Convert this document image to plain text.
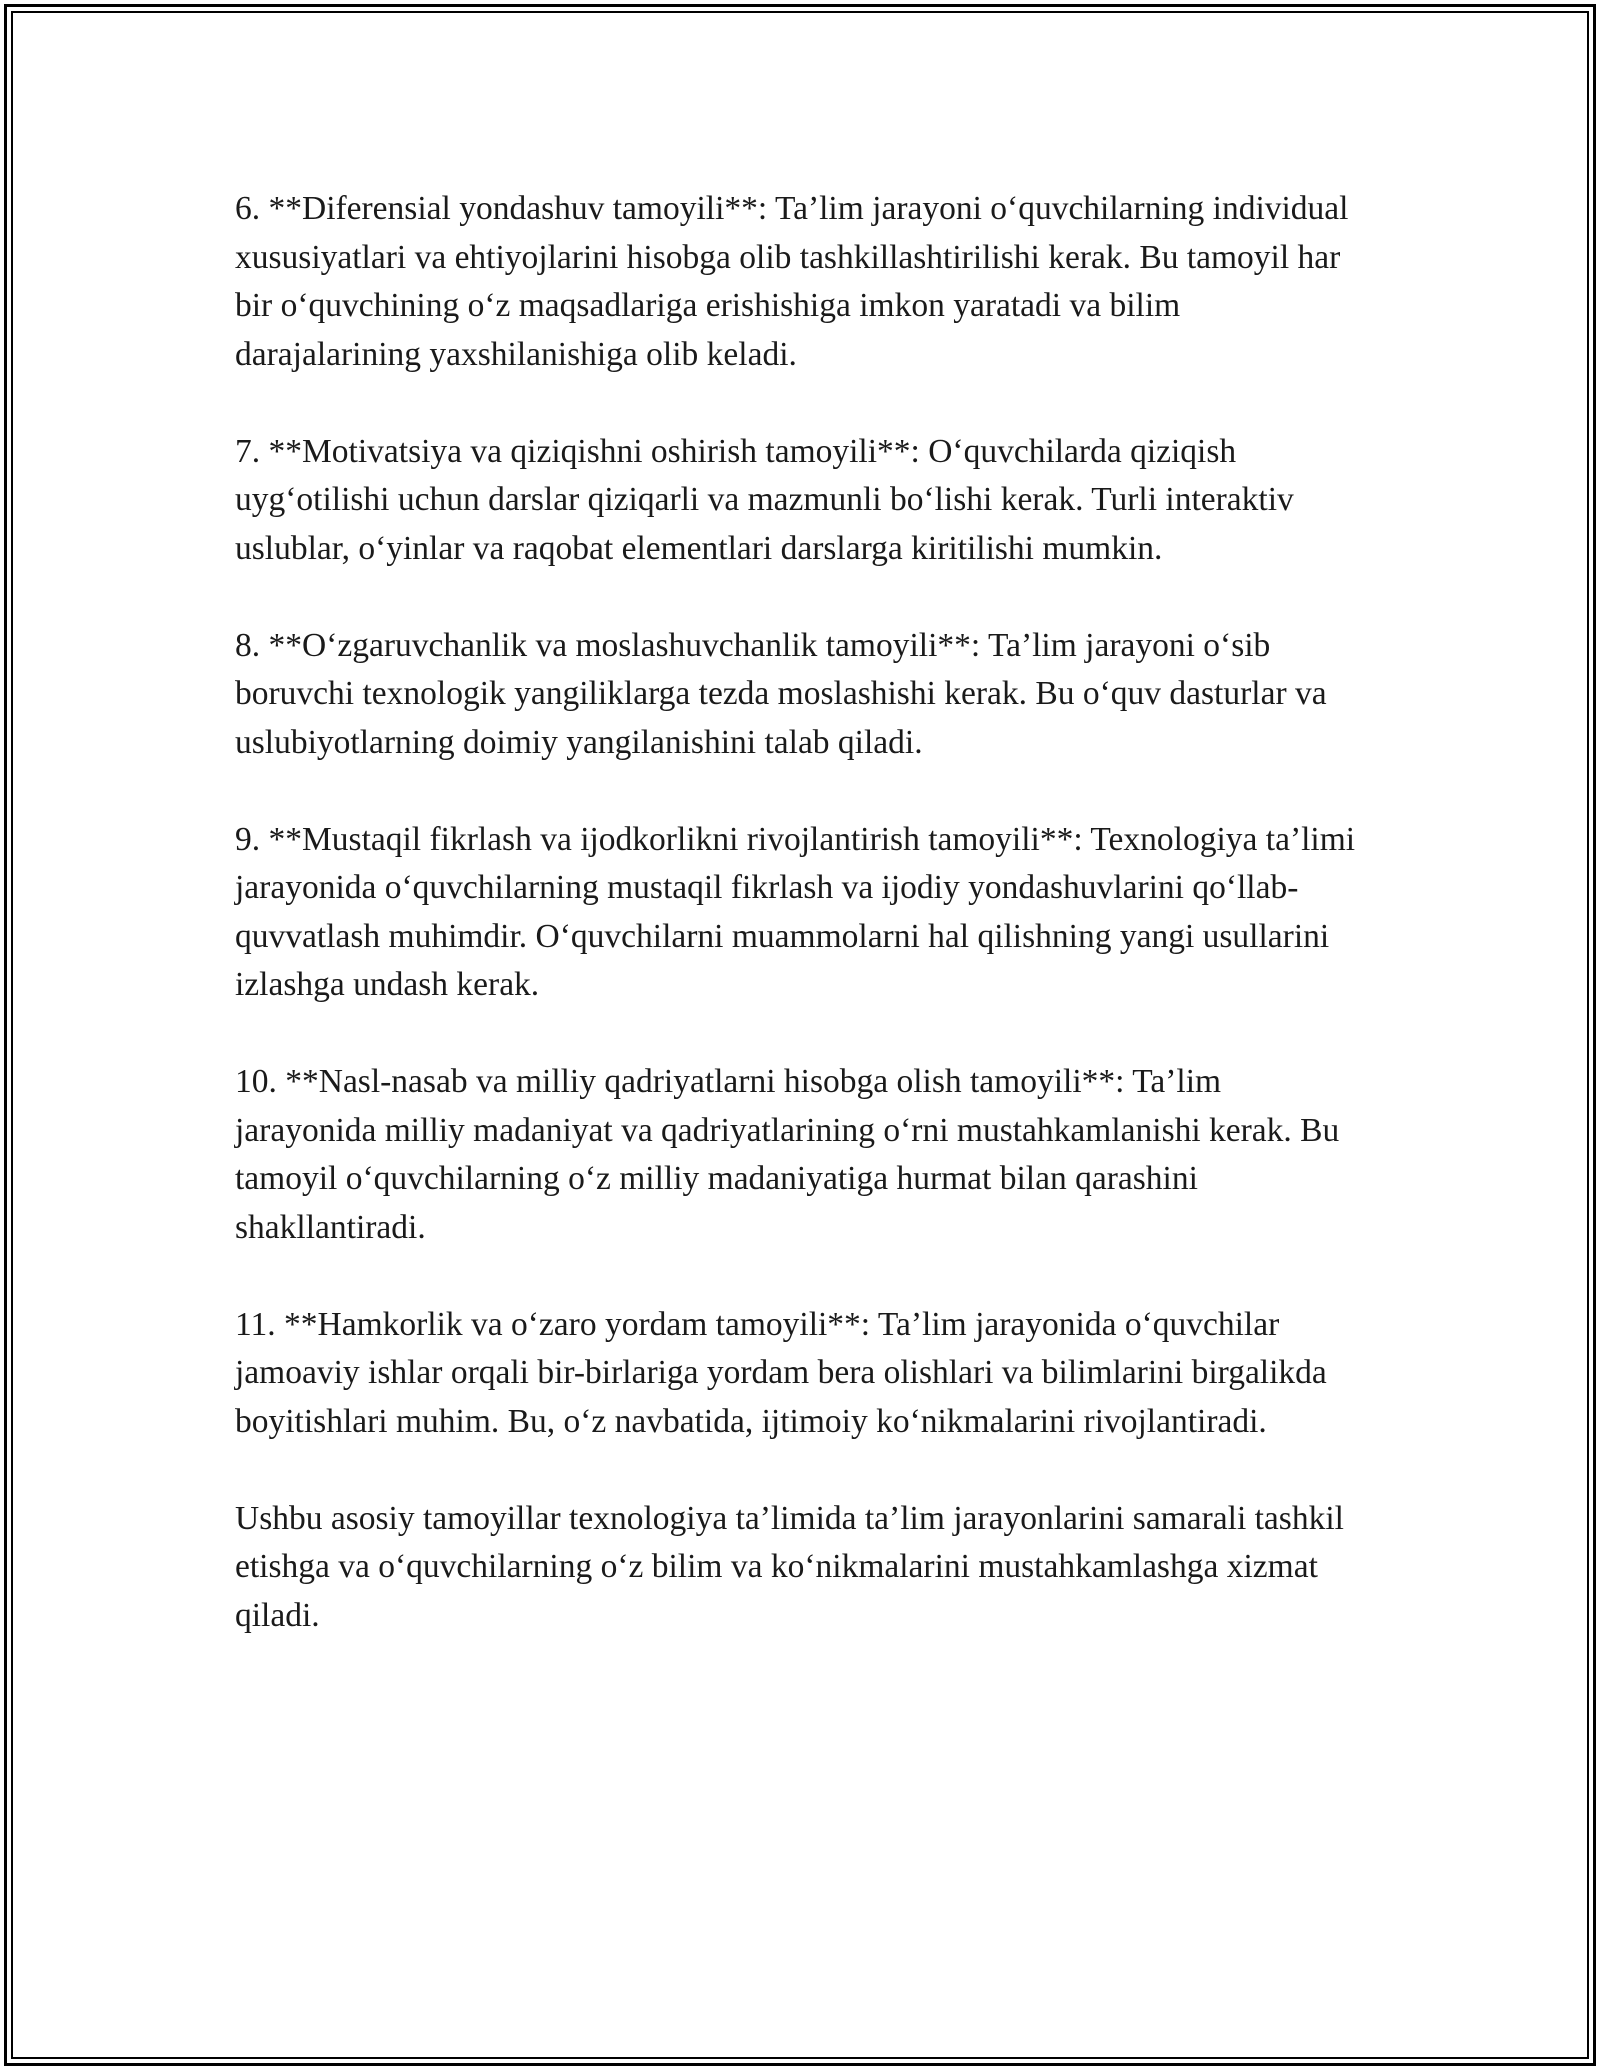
6. **Diferensial yondashuv tamoyili**: Ta’lim jarayoni o‘quvchilarning individual xususiyatlari va ehtiyojlarini hisobga olib tashkillashtirilishi kerak. Bu tamoyil har bir o‘quvchining o‘z maqsadlariga erishishiga imkon yaratadi va bilim darajalarining yaxshilanishiga olib keladi.

7. **Motivatsiya va qiziqishni oshirish tamoyili**: O‘quvchilarda qiziqish uyg‘otilishi uchun darslar qiziqarli va mazmunli bo‘lishi kerak. Turli interaktiv uslublar, o‘yinlar va raqobat elementlari darslarga kiritilishi mumkin.

8. **O‘zgaruvchanlik va moslashuvchanlik tamoyili**: Ta’lim jarayoni o‘sib boruvchi texnologik yangiliklarga tezda moslashishi kerak. Bu o‘quv dasturlar va uslubiyotlarning doimiy yangilanishini talab qiladi.

9. **Mustaqil fikrlash va ijodkorlikni rivojlantirish tamoyili**: Texnologiya ta’limi jarayonida o‘quvchilarning mustaqil fikrlash va ijodiy yondashuvlarini qo‘llab-quvvatlash muhimdir. O‘quvchilarni muammolarni hal qilishning yangi usullarini izlashga undash kerak.

10. **Nasl-nasab va milliy qadriyatlarni hisobga olish tamoyili**: Ta’lim jarayonida milliy madaniyat va qadriyatlarining o‘rni mustahkamlanishi kerak. Bu tamoyil o‘quvchilarning o‘z milliy madaniyatiga hurmat bilan qarashini shakllantiradi.

11. **Hamkorlik va o‘zaro yordam tamoyili**: Ta’lim jarayonida o‘quvchilar jamoaviy ishlar orqali bir-birlariga yordam bera olishlari va bilimlarini birgalikda boyitishlari muhim. Bu, o‘z navbatida, ijtimoiy ko‘nikmalarini rivojlantiradi.

Ushbu asosiy tamoyillar texnologiya ta’limida ta’lim jarayonlarini samarali tashkil etishga va o‘quvchilarning o‘z bilim va ko‘nikmalarini mustahkamlashga xizmat qiladi.
